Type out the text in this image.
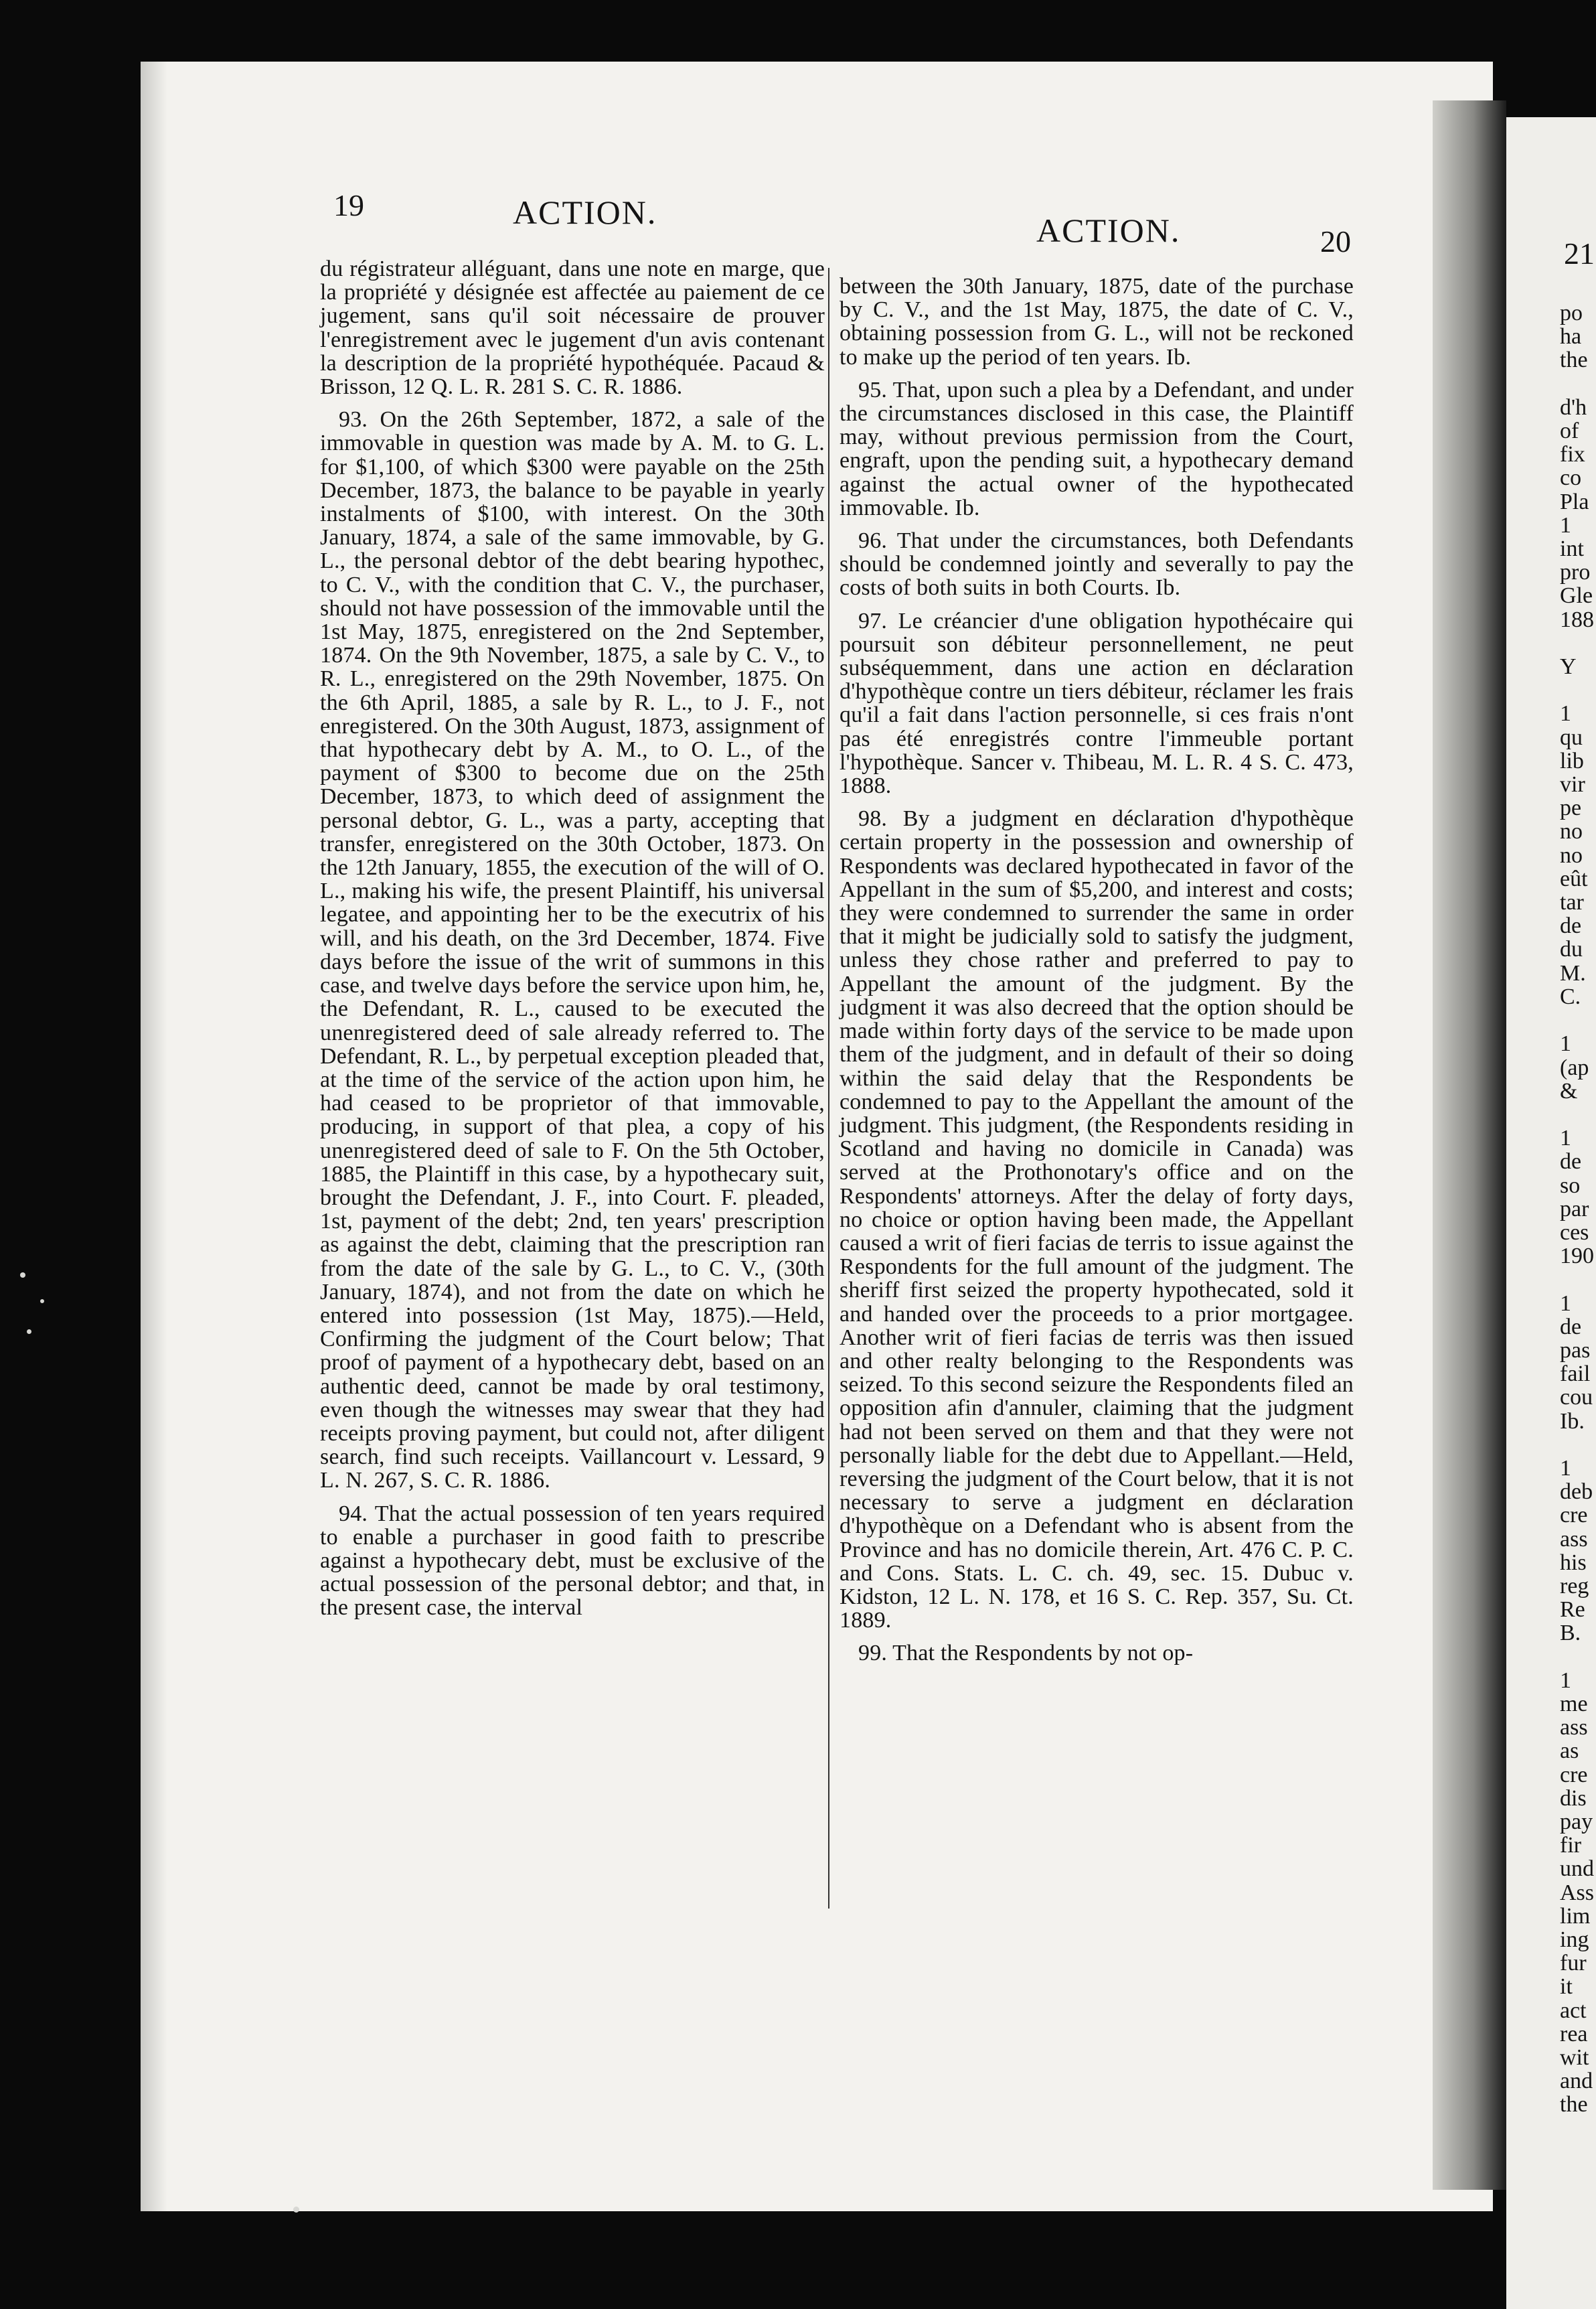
19	ACTION.	ACTION.	20	21

du régistrateur alléguant, dans une note en marge, que la propriété y désignée est affectée au paiement de ce jugement, sans qu'il soit nécessaire de prouver l'enregistrement avec le jugement d'un avis contenant la description de la propriété hypothéquée. Pacaud & Brisson, 12 Q. L. R. 281 S. C. R. 1886.

93. On the 26th September, 1872, a sale of the immovable in question was made by A. M. to G. L. for $1,100, of which $300 were payable on the 25th December, 1873, the balance to be payable in yearly instalments of $100, with interest. On the 30th January, 1874, a sale of the same immovable, by G. L., the personal debtor of the debt bearing hypothec, to C. V., with the condition that C. V., the purchaser, should not have possession of the immovable until the 1st May, 1875, enregistered on the 2nd September, 1874. On the 9th November, 1875, a sale by C. V., to R. L., enregistered on the 29th November, 1875. On the 6th April, 1885, a sale by R. L., to J. F., not enregistered. On the 30th August, 1873, assignment of that hypothecary debt by A. M., to O. L., of the payment of $300 to become due on the 25th December, 1873, to which deed of assignment the personal debtor, G. L., was a party, accepting that transfer, enregistered on the 30th October, 1873. On the 12th January, 1855, the execution of the will of O. L., making his wife, the present Plaintiff, his universal legatee, and appointing her to be the executrix of his will, and his death, on the 3rd December, 1874. Five days before the issue of the writ of summons in this case, and twelve days before the service upon him, he, the Defendant, R. L., caused to be executed the unenregistered deed of sale already referred to. The Defendant, R. L., by perpetual exception pleaded that, at the time of the service of the action upon him, he had ceased to be proprietor of that immovable, producing, in support of that plea, a copy of his unenregistered deed of sale to F. On the 5th October, 1885, the Plaintiff in this case, by a hypothecary suit, brought the Defendant, J. F., into Court. F. pleaded, 1st, payment of the debt; 2nd, ten years' prescription as against the debt, claiming that the prescription ran from the date of the sale by G. L., to C. V., (30th January, 1874), and not from the date on which he entered into possession (1st May, 1875).—Held, Confirming the judgment of the Court below; That proof of payment of a hypothecary debt, based on an authentic deed, cannot be made by oral testimony, even though the witnesses may swear that they had receipts proving payment, but could not, after diligent search, find such receipts. Vaillancourt v. Lessard, 9 L. N. 267, S. C. R. 1886.

94. That the actual possession of ten years required to enable a purchaser in good faith to prescribe against a hypothecary debt, must be exclusive of the actual possession of the personal debtor; and that, in the present case, the interval

between the 30th January, 1875, date of the purchase by C. V., and the 1st May, 1875, the date of C. V., obtaining possession from G. L., will not be reckoned to make up the period of ten years. Ib.

95. That, upon such a plea by a Defendant, and under the circumstances disclosed in this case, the Plaintiff may, without previous permission from the Court, engraft, upon the pending suit, a hypothecary demand against the actual owner of the hypothecated immovable. Ib.

96. That under the circumstances, both Defendants should be condemned jointly and severally to pay the costs of both suits in both Courts. Ib.

97. Le créancier d'une obligation hypothécaire qui poursuit son débiteur personnellement, ne peut subséquemment, dans une action en déclaration d'hypothèque contre un tiers débiteur, réclamer les frais qu'il a fait dans l'action personnelle, si ces frais n'ont pas été enregistrés contre l'immeuble portant l'hypothèque. Sancer v. Thibeau, M. L. R. 4 S. C. 473, 1888.

98. By a judgment en déclaration d'hypothèque certain property in the possession and ownership of Respondents was declared hypothecated in favor of the Appellant in the sum of $5,200, and interest and costs; they were condemned to surrender the same in order that it might be judicially sold to satisfy the judgment, unless they chose rather and preferred to pay to Appellant the amount of the judgment. By the judgment it was also decreed that the option should be made within forty days of the service to be made upon them of the judgment, and in default of their so doing within the said delay that the Respondents be condemned to pay to the Appellant the amount of the judgment. This judgment, (the Respondents residing in Scotland and having no domicile in Canada) was served at the Prothonotary's office and on the Respondents' attorneys. After the delay of forty days, no choice or option having been made, the Appellant caused a writ of fieri facias de terris to issue against the Respondents for the full amount of the judgment. The sheriff first seized the property hypothecated, sold it and handed over the proceeds to a prior mortgagee. Another writ of fieri facias de terris was then issued and other realty belonging to the Respondents was seized. To this second seizure the Respondents filed an opposition afin d'annuler, claiming that the judgment had not been served on them and that they were not personally liable for the debt due to Appellant.—Held, reversing the judgment of the Court below, that it is not necessary to serve a judgment en déclaration d'hypothèque on a Defendant who is absent from the Province and has no domicile therein, Art. 476 C. P. C. and Cons. Stats. L. C. ch. 49, sec. 15. Dubuc v. Kidston, 12 L. N. 178, et 16 S. C. Rep. 357, Su. Ct. 1889.

99. That the Respondents by not op-

po
ha
the

d'h
of
fix
co
Pla
1
int
pro
Gle
188

Y

1
qu
lib
vir
pe
no
no
eût
tar
de
du
M.
C.

1
(ap
&

1
de
so
par
ces
190

1
de
pas
fail
cou
Ib.

1
deb
cre
ass
his
reg
Re
B.

1
me
ass
as
cre
dis
pay
fir
und
Ass
lim
ing
fur
it
act
rea
wit
and
the
